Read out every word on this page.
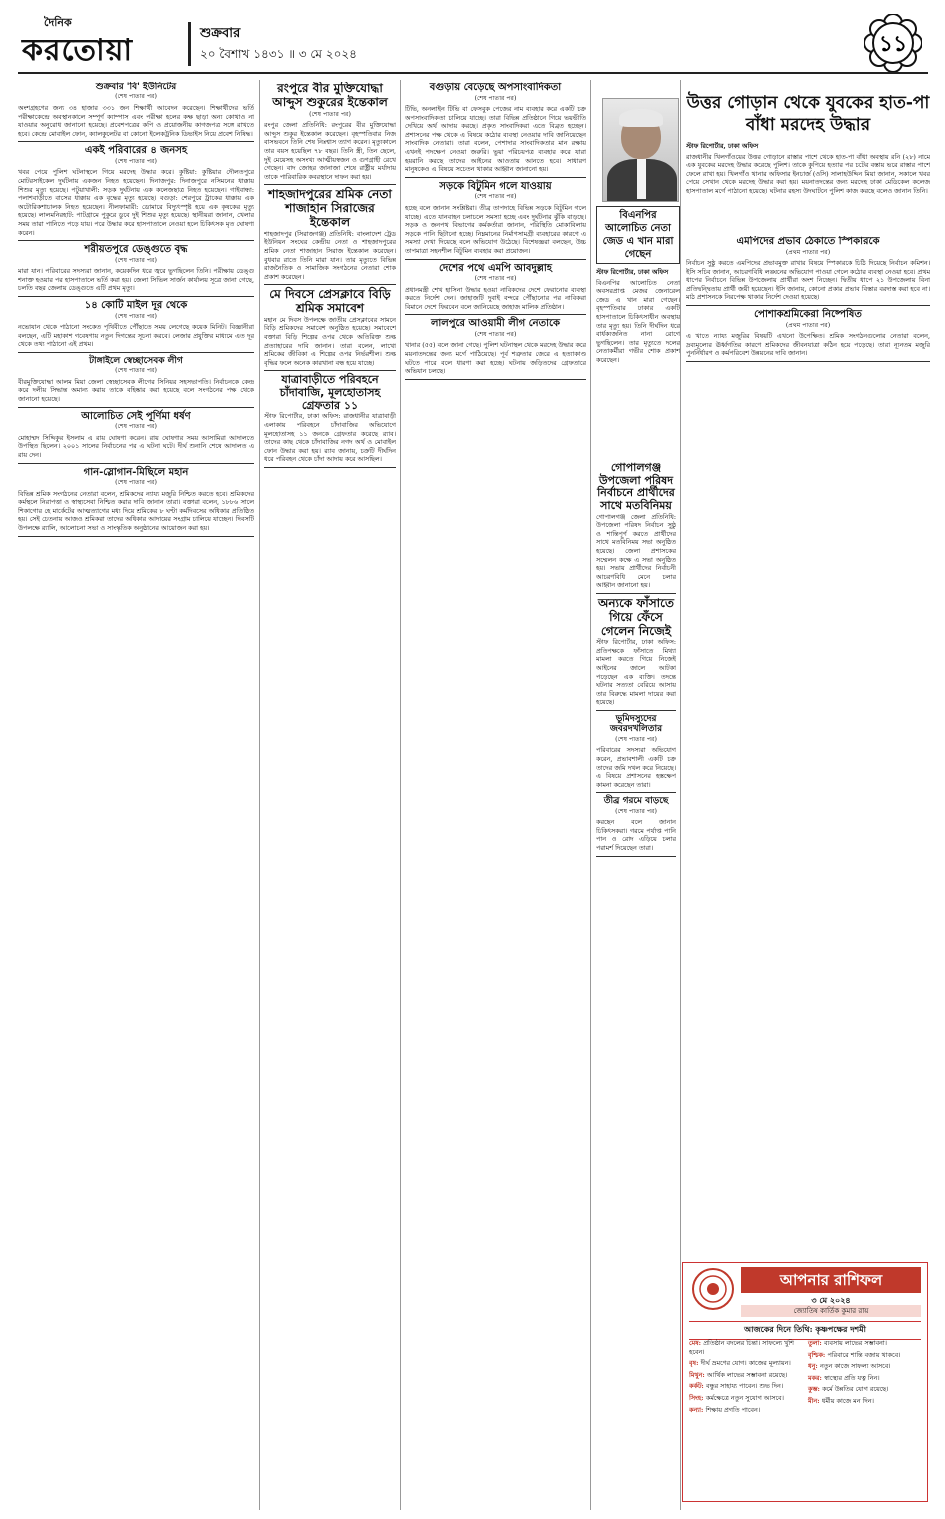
দৈনিক
করতোয়া	শুক্রবার
২০ বৈশাখ ১৪৩১ ॥ ৩ মে ২০২৪	১১
উত্তর গোড়ান থেকে যুবকের হাত-পা বাঁধা মরদেহ উদ্ধার

স্টাফ রিপোর্টার, ঢাকা অফিস

রাজধানীর খিলগাঁওয়ের উত্তর গোড়ানে রাস্তার পাশে থেকে হাত-পা বাঁধা অবস্থায় রনি (২৮) নামে এক যুবকের মরদেহ উদ্ধার করেছে পুলিশ। তাকে কুপিয়ে হত্যার পর চটের বস্তায় ভরে রাস্তার পাশে ফেলে রাখা হয়। খিলগাঁও থানার অফিসার ইনচার্জ (ওসি) সালাহউদ্দিন মিয়া জানান, সকালে খবর পেয়ে সেখান থেকে মরদেহ উদ্ধার করা হয়। ময়নাতদন্তের জন্য মরদেহ ঢাকা মেডিকেল কলেজ হাসপাতাল মর্গে পাঠানো হয়েছে। ঘটনার রহস্য উদঘাটনে পুলিশ কাজ করছে বলেও জানান তিনি।

বিএনপির আলোচিত নেতা জেড এ খান মারা গেছেন

স্টাফ রিপোর্টার, ঢাকা অফিস

বিএনপির আলোচিত নেতা অবসরপ্রাপ্ত মেজর জেনারেল জেড এ খান মারা গেছেন। বৃহস্পতিবার ঢাকার একটি হাসপাতালে চিকিৎসাধীন অবস্থায় তার মৃত্যু হয়। তিনি দীর্ঘদিন ধরে বার্ধক্যজনিত নানা রোগে ভুগছিলেন। তার মৃত্যুতে দলের নেতাকর্মীরা গভীর শোক প্রকাশ করেছেন।

শুক্রবার 'বি' ইউনিটের
(শেষ পাতার পর)

অংশগ্রহণের জন্য ৩৪ হাজার ৩৩১ জন শিক্ষার্থী আবেদন করেছেন। শিক্ষার্থীদের ভর্তি পরীক্ষাকেন্দ্রে অবস্থানকালে সম্পূর্ণ ক্যাম্পাস এবং পরীক্ষা হলের কক্ষ ছাড়া অন্য কোথাও না যাওয়ার অনুরোধ জানানো হয়েছে। প্রবেশপত্রের কপি ও প্রয়োজনীয় কাগজপত্র সঙ্গে রাখতে হবে। কেন্দ্রে মোবাইল ফোন, ক্যালকুলেটর বা কোনো ইলেকট্রনিক ডিভাইস নিয়ে প্রবেশ নিষিদ্ধ।

একই পরিবারের ৪ জনসহ
(শেষ পাতার পর)

খবর পেয়ে পুলিশ ঘটনাস্থলে গিয়ে মরদেহ উদ্ধার করে। কুষ্টিয়া: কুষ্টিয়ার দৌলতপুরে মোটরসাইকেল দুর্ঘটনায় একজন নিহত হয়েছেন। দিনাজপুর: দিনাজপুরে নসিমনের ধাক্কায় শিশুর মৃত্যু হয়েছে। পটুয়াখালী: সড়ক দুর্ঘটনায় এক কলেজছাত্র নিহত হয়েছেন। গাইবান্ধা: পলাশবাড়ীতে বাসের ধাক্কায় এক বৃদ্ধের মৃত্যু হয়েছে। বগুড়া: শেরপুরে ট্রাকের ধাক্কায় এক অটোরিকশাচালক নিহত হয়েছেন। নীলফামারী: ডোমারে বিদ্যুৎস্পৃষ্ট হয়ে এক কৃষকের মৃত্যু হয়েছে। লালমনিরহাট: পাটগ্রামে পুকুরে ডুবে দুই শিশুর মৃত্যু হয়েছে। স্থানীয়রা জানান, খেলার সময় তারা পানিতে পড়ে যায়। পরে উদ্ধার করে হাসপাতালে নেওয়া হলে চিকিৎসক মৃত ঘোষণা করেন।

শরীয়তপুরে ডেঙ্গুতে বৃদ্ধ
(শেষ পাতার পর)

মারা যান। পরিবারের সদস্যরা জানান, কয়েকদিন ধরে জ্বরে ভুগছিলেন তিনি। পরীক্ষায় ডেঙ্গু শনাক্ত হওয়ার পর হাসপাতালে ভর্তি করা হয়। জেলা সিভিল সার্জন কার্যালয় সূত্রে জানা গেছে, চলতি বছর জেলায় ডেঙ্গুতে এটি প্রথম মৃত্যু।

১৪ কোটি মাইল দূর থেকে
(শেষ পাতার পর)

নভোযান থেকে পাঠানো সংকেত পৃথিবীতে পৌঁছাতে সময় লেগেছে কয়েক মিনিট। বিজ্ঞানীরা বলছেন, এটি মহাকাশ গবেষণায় নতুন দিগন্তের সূচনা করবে। লেজার প্রযুক্তির মাধ্যমে এত দূর থেকে তথ্য পাঠানো এই প্রথম।

টাঙ্গাইলে স্বেচ্ছাসেবক লীগ
(শেষ পাতার পর)

বীরমুক্তিযোদ্ধা আলম মিয়া জেলা স্বেচ্ছাসেবক লীগের সিনিয়র সহসভাপতি। নির্বাচনকে কেন্দ্র করে দলীয় সিদ্ধান্ত অমান্য করায় তাকে বহিষ্কার করা হয়েছে বলে সংগঠনের পক্ষ থেকে জানানো হয়েছে।

আলোচিত সেই পূর্ণিমা ধর্ষণ
(শেষ পাতার পর)

মোহাম্মদ সিদ্দিকুর ইসলাম এ রায় ঘোষণা করেন। রায় ঘোষণার সময় আসামিরা আদালতে উপস্থিত ছিলেন। ২০০১ সালের নির্বাচনের পর এ ঘটনা ঘটে। দীর্ঘ শুনানি শেষে আদালত এ রায় দেন।

গান-স্লোগান-মিছিলে মহান
(শেষ পাতার পর)

বিভিন্ন শ্রমিক সংগঠনের নেতারা বলেন, শ্রমিকদের ন্যায্য মজুরি নিশ্চিত করতে হবে। শ্রমিকদের কর্মস্থলে নিরাপত্তা ও স্বাস্থ্যসেবা নিশ্চিত করার দাবি জানান তারা। বক্তারা বলেন, ১৮৮৬ সালে শিকাগোর হে মার্কেটের আত্মত্যাগের মধ্য দিয়ে শ্রমিকের ৮ ঘণ্টা কর্মদিবসের অধিকার প্রতিষ্ঠিত হয়। সেই চেতনায় আজও শ্রমিকরা তাদের অধিকার আদায়ের সংগ্রাম চালিয়ে যাচ্ছেন। দিবসটি উপলক্ষে র‍্যালি, আলোচনা সভা ও সাংস্কৃতিক অনুষ্ঠানের আয়োজন করা হয়।

রংপুরে বীর মুক্তিযোদ্ধা আব্দুস শুকুরের ইন্তেকাল
(শেষ পাতার পর)

রংপুর জেলা প্রতিনিধি: রংপুরের বীর মুক্তিযোদ্ধা আব্দুস শুকুর ইন্তেকাল করেছেন। বৃহস্পতিবার নিজ বাসভবনে তিনি শেষ নিঃশ্বাস ত্যাগ করেন। মৃত্যুকালে তার বয়স হয়েছিল ৭৮ বছর। তিনি স্ত্রী, তিন ছেলে, দুই মেয়েসহ অসংখ্য আত্মীয়স্বজন ও গুণগ্রাহী রেখে গেছেন। বাদ জোহর জানাজা শেষে রাষ্ট্রীয় মর্যাদায় তাকে পারিবারিক কবরস্থানে দাফন করা হয়।

শাহজাদপুরের শ্রমিক নেতা শাজাহান সিরাজের ইন্তেকাল

শাহজাদপুর (সিরাজগঞ্জ) প্রতিনিধি: বাংলাদেশ ট্রেড ইউনিয়ন সংঘের কেন্দ্রীয় নেতা ও শাহজাদপুরের শ্রমিক নেতা শাজাহান সিরাজ ইন্তেকাল করেছেন। বুধবার রাতে তিনি মারা যান। তার মৃত্যুতে বিভিন্ন রাজনৈতিক ও সামাজিক সংগঠনের নেতারা শোক প্রকাশ করেছেন।

মে দিবসে প্রেসক্লাবে বিড়ি শ্রমিক সমাবেশ

মহান মে দিবস উপলক্ষে জাতীয় প্রেসক্লাবের সামনে বিড়ি শ্রমিকদের সমাবেশ অনুষ্ঠিত হয়েছে। সমাবেশে বক্তারা বিড়ি শিল্পের ওপর থেকে অতিরিক্ত শুল্ক প্রত্যাহারের দাবি জানান। তারা বলেন, লাখো শ্রমিকের জীবিকা এ শিল্পের ওপর নির্ভরশীল। শুল্ক বৃদ্ধির ফলে অনেক কারখানা বন্ধ হয়ে যাচ্ছে।

যাত্রাবাড়ীতে পরিবহনে চাঁদাবাজি, মূলহোতাসহ গ্রেফতার ১১

স্টাফ রিপোর্টার, ঢাকা অফিস: রাজধানীর যাত্রাবাড়ী এলাকায় পরিবহনে চাঁদাবাজির অভিযোগে মূলহোতাসহ ১১ জনকে গ্রেফতার করেছে র‍্যাব। তাদের কাছ থেকে চাঁদাবাজির নগদ অর্থ ও মোবাইল ফোন উদ্ধার করা হয়। র‍্যাব জানায়, চক্রটি দীর্ঘদিন ধরে পরিবহন থেকে চাঁদা আদায় করে আসছিল।

বগুড়ায় বেড়েছে অপসাংবাদিকতা
(শেষ পাতার পর)

টিভি, অনলাইন টিভি বা ফেসবুক পেজের নাম ব্যবহার করে একটি চক্র অপসাংবাদিকতা চালিয়ে যাচ্ছে। তারা বিভিন্ন প্রতিষ্ঠানে গিয়ে ভয়ভীতি দেখিয়ে অর্থ আদায় করছে। প্রকৃত সাংবাদিকরা এতে বিব্রত হচ্ছেন। প্রশাসনের পক্ষ থেকে এ বিষয়ে কঠোর ব্যবস্থা নেওয়ার দাবি জানিয়েছেন সাংবাদিক নেতারা। তারা বলেন, পেশাদার সাংবাদিকতার মান রক্ষায় এখনই পদক্ষেপ নেওয়া জরুরি। ভুয়া পরিচয়পত্র ব্যবহার করে যারা হয়রানি করছে তাদের আইনের আওতায় আনতে হবে। সাধারণ মানুষকেও এ বিষয়ে সচেতন থাকার আহ্বান জানানো হয়।

সড়কে বিটুমিন গলে যাওয়ায়
(শেষ পাতার পর)

হচ্ছে বলে জানান সংশ্লিষ্টরা। তীব্র তাপদাহে বিভিন্ন সড়কে বিটুমিন গলে যাচ্ছে। এতে যানবাহন চলাচলে সমস্যা হচ্ছে এবং দুর্ঘটনার ঝুঁকি বাড়ছে। সড়ক ও জনপথ বিভাগের কর্মকর্তারা জানান, পরিস্থিতি মোকাবিলায় সড়কে পানি ছিটানো হচ্ছে। নিম্নমানের নির্মাণসামগ্রী ব্যবহারের কারণে এ সমস্যা দেখা দিয়েছে বলে অভিযোগ উঠেছে। বিশেষজ্ঞরা বলছেন, উচ্চ তাপমাত্রা সহনশীল বিটুমিন ব্যবহার করা প্রয়োজন।

দেশের পথে এমপি আবদুল্লাহ
(শেষ পাতার পর)

প্রধানমন্ত্রী শেখ হাসিনা উদ্ধার হওয়া নাবিকদের দেশে ফেরানোর ব্যবস্থা করতে নির্দেশ দেন। জাহাজটি দুবাই বন্দরে পৌঁছানোর পর নাবিকরা বিমানে দেশে ফিরবেন বলে জানিয়েছে জাহাজ মালিক প্রতিষ্ঠান।

লালপুরে আওয়ামী লীগ নেতাকে
(শেষ পাতার পর)

খানার (৫৫) বলে জানা গেছে। পুলিশ ঘটনাস্থল থেকে মরদেহ উদ্ধার করে ময়নাতদন্তের জন্য মর্গে পাঠিয়েছে। পূর্ব শত্রুতার জেরে এ হত্যাকাণ্ড ঘটতে পারে বলে ধারণা করা হচ্ছে। ঘটনায় জড়িতদের গ্রেফতারে অভিযান চলছে।

গোপালগঞ্জ উপজেলা পরিষদ নির্বাচনে প্রার্থীদের সাথে মতবিনিময়

গোপালগঞ্জ জেলা প্রতিনিধি: উপজেলা পরিষদ নির্বাচন সুষ্ঠু ও শান্তিপূর্ণ করতে প্রার্থীদের সাথে মতবিনিময় সভা অনুষ্ঠিত হয়েছে। জেলা প্রশাসকের সম্মেলন কক্ষে এ সভা অনুষ্ঠিত হয়। সভায় প্রার্থীদের নির্বাচনী আচরণবিধি মেনে চলার আহ্বান জানানো হয়।

অন্যকে ফাঁসাতে গিয়ে ফেঁসে গেলেন নিজেই

স্টাফ রিপোর্টার, ঢাকা অফিস: প্রতিপক্ষকে ফাঁসাতে মিথ্যা মামলা করতে গিয়ে নিজেই আইনের জালে আটকা পড়েছেন এক ব্যক্তি। তদন্তে ঘটনার সত্যতা বেরিয়ে আসায় তার বিরুদ্ধে মামলা দায়ের করা হয়েছে।

ভূমিদস্যুদের জবরদখলিতার
(শেষ পাতার পর)

পরিবারের সদস্যরা অভিযোগ করেন, প্রভাবশালী একটি চক্র তাদের জমি দখল করে নিয়েছে। এ বিষয়ে প্রশাসনের হস্তক্ষেপ কামনা করেছেন তারা।

তীব্র গরমে বাড়ছে
(শেষ পাতার পর)

করছেন বলে জানান চিকিৎসকরা। গরমে পর্যাপ্ত পানি পান ও রোদ এড়িয়ে চলার পরামর্শ দিয়েছেন তারা।

এমপিদের প্রভাব ঠেকাতে স্পিকারকে
(প্রথম পাতার পর)

নির্বাচন সুষ্ঠু করতে এমপিদের প্রভাবমুক্ত রাখার বিষয়ে স্পিকারকে চিঠি দিয়েছে নির্বাচন কমিশন। ইসি সচিব জানান, আচরণবিধি লঙ্ঘনের অভিযোগ পাওয়া গেলে কঠোর ব্যবস্থা নেওয়া হবে। প্রথম ধাপের নির্বাচনে বিভিন্ন উপজেলায় প্রার্থীরা অংশ নিচ্ছেন। দ্বিতীয় ধাপে ২১ উপজেলায় বিনা প্রতিদ্বন্দ্বিতায় প্রার্থী জয়ী হয়েছেন। ইসি জানায়, কোনো প্রকার প্রভাব বিস্তার বরদাস্ত করা হবে না। মাঠ প্রশাসনকে নিরপেক্ষ থাকার নির্দেশ দেওয়া হয়েছে।

পোশাকশ্রমিকেরা নিষ্পেষিত
(প্রথম পাতার পর)

এ খাতে ন্যায্য মজুরির বিষয়টি এখনো উপেক্ষিত। শ্রমিক সংগঠনগুলোর নেতারা বলেন, দ্রব্যমূল্যের ঊর্ধ্বগতির কারণে শ্রমিকদের জীবনযাত্রা কঠিন হয়ে পড়েছে। তারা ন্যূনতম মজুরি পুনর্নির্ধারণ ও কর্মপরিবেশ উন্নয়নের দাবি জানান।

আপনার রাশিফল
৩ মে ২০২৪
জ্যোতিষ কার্তিক কুমার রায়
আজকের দিনে তিথি: কৃষ্ণপক্ষের দশমী
মেষ: প্রতিষ্ঠান বদলের চিন্তা। সাফল্যে খুশি হবেন।
বৃষ: দীর্ঘ ভ্রমণের যোগ। কাজের মূল্যায়ন।
মিথুন: আর্থিক লাভের সম্ভাবনা রয়েছে।
কর্কট: বন্ধুর সাহায্য পাবেন। শুভ দিন।
সিংহ: কর্মক্ষেত্রে নতুন সুযোগ আসবে।
কন্যা: শিক্ষায় প্রগতি পাবেন।
তুলা: ব্যবসায় লাভের সম্ভাবনা।
বৃশ্চিক: পরিবারে শান্তি বজায় থাকবে।
ধনু: নতুন কাজে সাফল্য আসবে।
মকর: স্বাস্থ্যের প্রতি যত্ন নিন।
কুম্ভ: কর্মে উন্নতির যোগ রয়েছে।
মীন: ধর্মীয় কাজে মন দিন।
